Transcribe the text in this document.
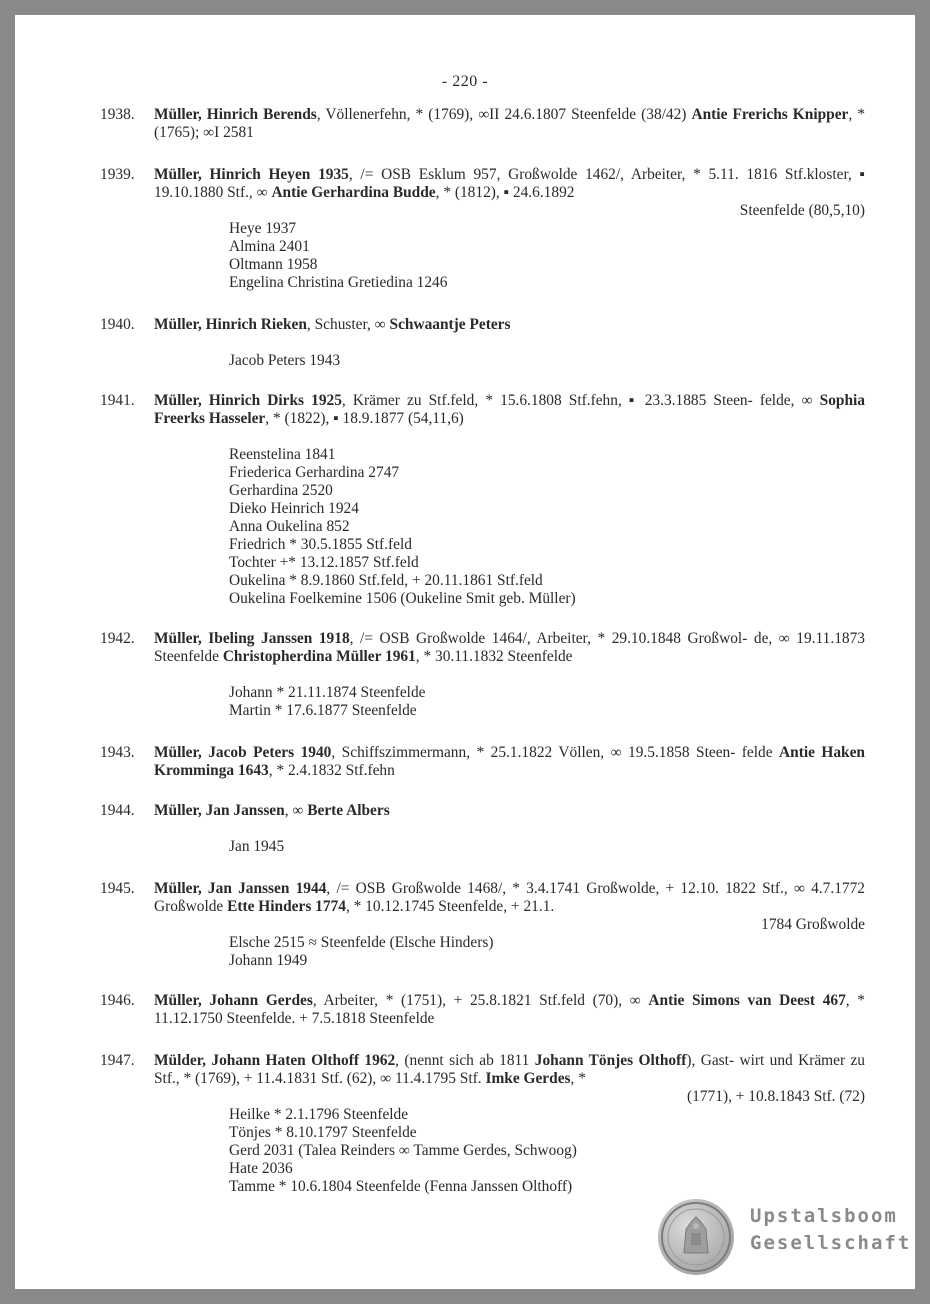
- 220 -
1938. Müller, Hinrich Berends, Völlenerfehn, * (1769), ∞II 24.6.1807 Steenfelde (38/42) Antie Frerichs Knipper, * (1765); ∞I 2581
1939. Müller, Hinrich Heyen 1935, /= OSB Esklum 957, Großwolde 1462/, Arbeiter, * 5.11. 1816 Stf.kloster, ▪ 19.10.1880 Stf., ∞ Antie Gerhardina Budde, * (1812), ▪ 24.6.1892
Steenfelde (80,5,10)
Heye 1937
Almina 2401
Oltmann 1958
Engelina Christina Gretiedina 1246
1940. Müller, Hinrich Rieken, Schuster, ∞ Schwaantje Peters
Jacob Peters 1943
1941. Müller, Hinrich Dirks 1925, Krämer zu Stf.feld, * 15.6.1808 Stf.fehn, ▪ 23.3.1885 Steen- felde, ∞ Sophia Freerks Hasseler, * (1822), ▪ 18.9.1877 (54,11,6)
Reenstelina 1841
Friederica Gerhardina 2747
Gerhardina 2520
Dieko Heinrich 1924
Anna Oukelina 852
Friedrich * 30.5.1855 Stf.feld
Tochter +* 13.12.1857 Stf.feld
Oukelina * 8.9.1860 Stf.feld, + 20.11.1861 Stf.feld
Oukelina Foelkemine 1506 (Oukeline Smit geb. Müller)
1942. Müller, Ibeling Janssen 1918, /= OSB Großwolde 1464/, Arbeiter, * 29.10.1848 Großwol- de, ∞ 19.11.1873 Steenfelde Christopherdina Müller 1961, * 30.11.1832 Steenfelde
Johann * 21.11.1874 Steenfelde
Martin * 17.6.1877 Steenfelde
1943. Müller, Jacob Peters 1940, Schiffszimmermann, * 25.1.1822 Völlen, ∞ 19.5.1858 Steen- felde Antie Haken Kromminga 1643, * 2.4.1832 Stf.fehn
1944. Müller, Jan Janssen, ∞ Berte Albers
Jan 1945
1945. Müller, Jan Janssen 1944, /= OSB Großwolde 1468/, * 3.4.1741 Großwolde, + 12.10. 1822 Stf., ∞ 4.7.1772 Großwolde Ette Hinders 1774, * 10.12.1745 Steenfelde, + 21.1.
1784 Großwolde
Elsche 2515 ≈ Steenfelde (Elsche Hinders)
Johann 1949
1946. Müller, Johann Gerdes, Arbeiter, * (1751), + 25.8.1821 Stf.feld (70), ∞ Antie Simons van Deest 467, * 11.12.1750 Steenfelde. + 7.5.1818 Steenfelde
1947. Mülder, Johann Haten Olthoff 1962, (nennt sich ab 1811 Johann Tönjes Olthoff), Gast- wirt und Krämer zu Stf., * (1769), + 11.4.1831 Stf. (62), ∞ 11.4.1795 Stf. Imke Gerdes, *
(1771), + 10.8.1843 Stf. (72)
Heilke * 2.1.1796 Steenfelde
Tönjes * 8.10.1797 Steenfelde
Gerd 2031 (Talea Reinders ∞ Tamme Gerdes, Schwoog)
Hate 2036
Tamme * 10.6.1804 Steenfelde (Fenna Janssen Olthoff)
Upstalsboom
Gesellschaft
